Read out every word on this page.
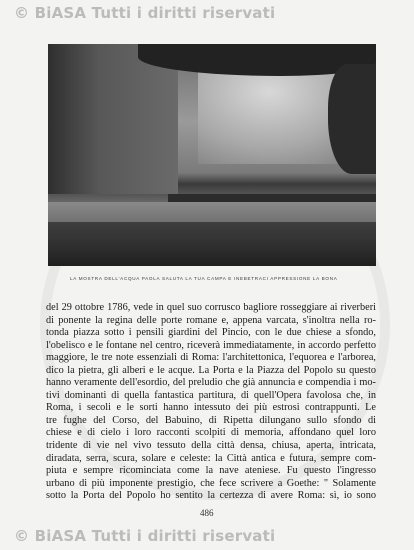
© BiASA Tutti i diritti riservati
LA MOSTRA DELL'ACQUA PAOLA SALUTA LA TUA CAMPA E INEBETRACI APPRESSIONE LA BONA
del 29 ottobre 1786, vede in quel suo corrusco bagliore rosseggiare ai riverberi
di ponente la regina delle porte romane e, appena varcata, s'inoltra nella ro-
tonda piazza sotto i pensili giardini del Pincio, con le due chiese a sfondo,
l'obelisco e le fontane nel centro, riceverà immediatamente, in accordo perfetto
maggiore, le tre note essenziali di Roma: l'architettonica, l'equorea e l'arborea,
dico la pietra, gli alberi e le acque. La Porta e la Piazza del Popolo su questo
hanno veramente dell'esordio, del preludio che già annuncia e compendia i mo-
tivi dominanti di quella fantastica partitura, di quell'Opera favolosa che, in
Roma, i secoli e le sorti hanno intessuto dei più estrosi contrappunti. Le
tre fughe del Corso, del Babuino, di Ripetta dilungano sullo sfondo di
chiese e di cielo i loro racconti scolpiti di memoria, affondano quel loro
tridente di vie nel vivo tessuto della città densa, chiusa, aperta, intricata,
diradata, serra, scura, solare e celeste: la Città antica e futura, sempre com-
piuta e sempre ricominciata come la nave ateniese. Fu questo l'ingresso
urbano di più imponente prestigio, che fece scrivere a Goethe: " Solamente
sotto la Porta del Popolo ho sentito la certezza di avere Roma: sì, io sono
486
© BiASA Tutti i diritti riservati
